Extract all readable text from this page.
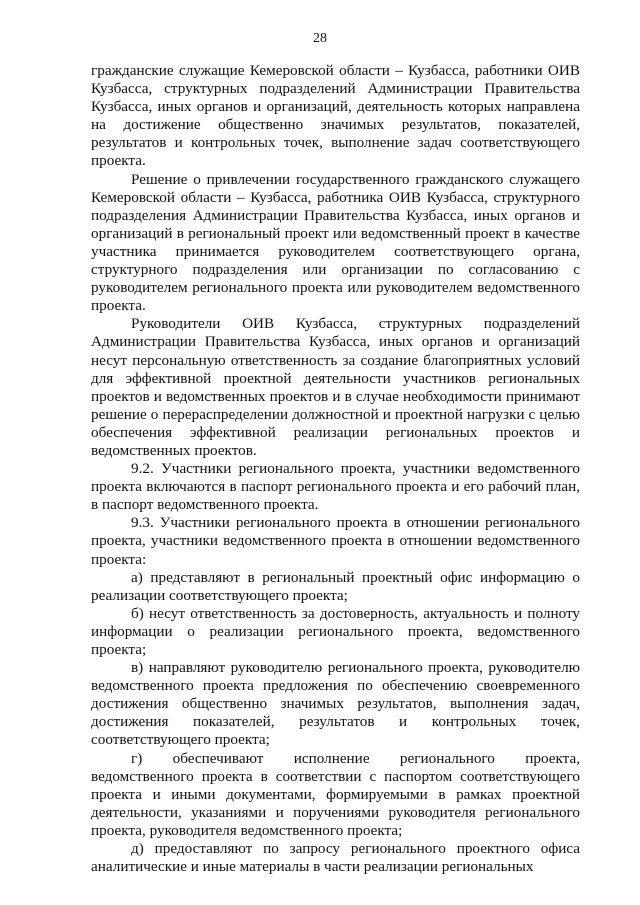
28

гражданские служащие Кемеровской области – Кузбасса, работники ОИВ Кузбасса, структурных подразделений Администрации Правительства Кузбасса, иных органов и организаций, деятельность которых направлена на достижение общественно значимых результатов, показателей, результатов и контрольных точек, выполнение задач соответствующего проекта.

Решение о привлечении государственного гражданского служащего Кемеровской области – Кузбасса, работника ОИВ Кузбасса, структурного подразделения Администрации Правительства Кузбасса, иных органов и организаций в региональный проект или ведомственный проект в качестве участника принимается руководителем соответствующего органа, структурного подразделения или организации по согласованию с руководителем регионального проекта или руководителем ведомственного проекта.

Руководители ОИВ Кузбасса, структурных подразделений Администрации Правительства Кузбасса, иных органов и организаций несут персональную ответственность за создание благоприятных условий для эффективной проектной деятельности участников региональных проектов и ведомственных проектов и в случае необходимости принимают решение о перераспределении должностной и проектной нагрузки с целью обеспечения эффективной реализации региональных проектов и ведомственных проектов.

9.2. Участники регионального проекта, участники ведомственного проекта включаются в паспорт регионального проекта и его рабочий план, в паспорт ведомственного проекта.

9.3. Участники регионального проекта в отношении регионального проекта, участники ведомственного проекта в отношении ведомственного проекта:

а) представляют в региональный проектный офис информацию о реализации соответствующего проекта;

б) несут ответственность за достоверность, актуальность и полноту информации о реализации регионального проекта, ведомственного проекта;

в) направляют руководителю регионального проекта, руководителю ведомственного проекта предложения по обеспечению своевременного достижения общественно значимых результатов, выполнения задач, достижения показателей, результатов и контрольных точек, соответствующего проекта;

г) обеспечивают исполнение регионального проекта, ведомственного проекта в соответствии с паспортом соответствующего проекта и иными документами, формируемыми в рамках проектной деятельности, указаниями и поручениями руководителя регионального проекта, руководителя ведомственного проекта;

д) предоставляют по запросу регионального проектного офиса аналитические и иные материалы в части реализации региональных
